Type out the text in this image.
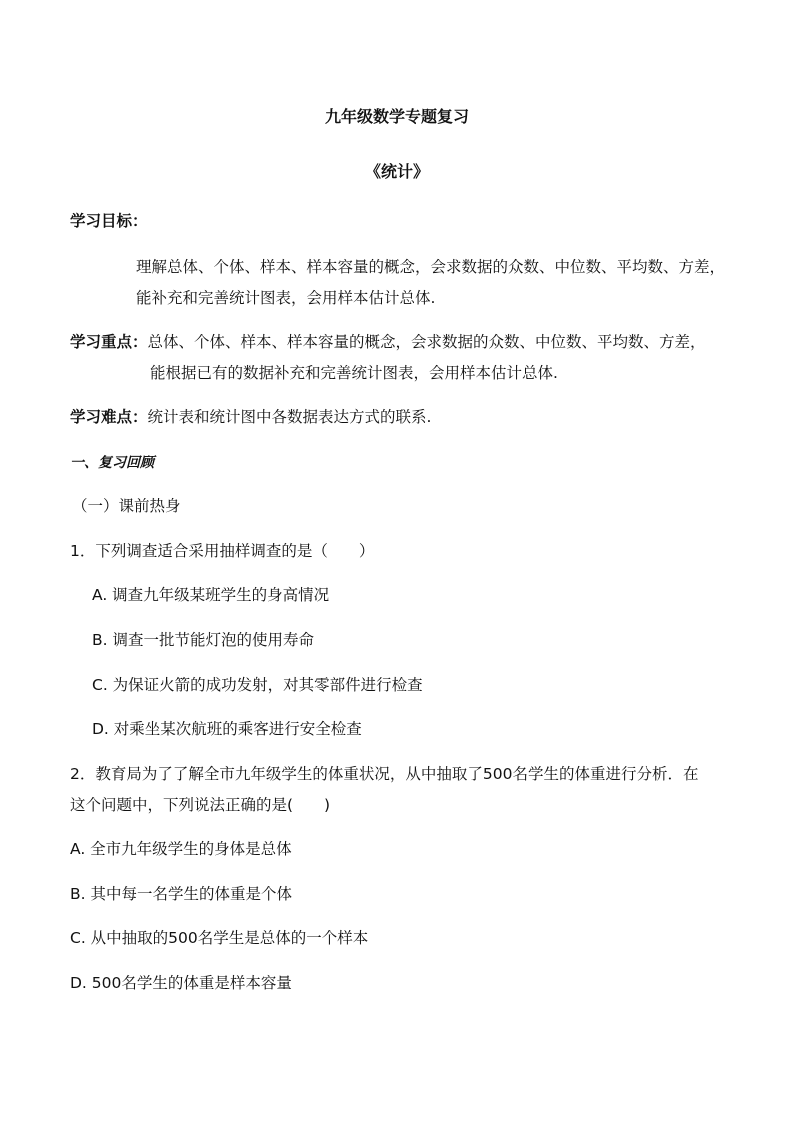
九年级数学专题复习
《统计》
学习目标：
理解总体、个体、样本、样本容量的概念，会求数据的众数、中位数、平均数、方差，
能补充和完善统计图表，会用样本估计总体.
学习重点：总体、个体、样本、样本容量的概念，会求数据的众数、中位数、平均数、方差，
能根据已有的数据补充和完善统计图表，会用样本估计总体.
学习难点：统计表和统计图中各数据表达方式的联系.
一、复习回顾
（一）课前热身
1．下列调查适合采用抽样调查的是（　　）
A. 调查九年级某班学生的身高情况
B. 调查一批节能灯泡的使用寿命
C. 为保证火箭的成功发射，对其零部件进行检查
D. 对乘坐某次航班的乘客进行安全检查
2．教育局为了了解全市九年级学生的体重状况，从中抽取了500名学生的体重进行分析．在
这个问题中，下列说法正确的是(　　)
A. 全市九年级学生的身体是总体
B. 其中每一名学生的体重是个体
C. 从中抽取的500名学生是总体的一个样本
D. 500名学生的体重是样本容量
